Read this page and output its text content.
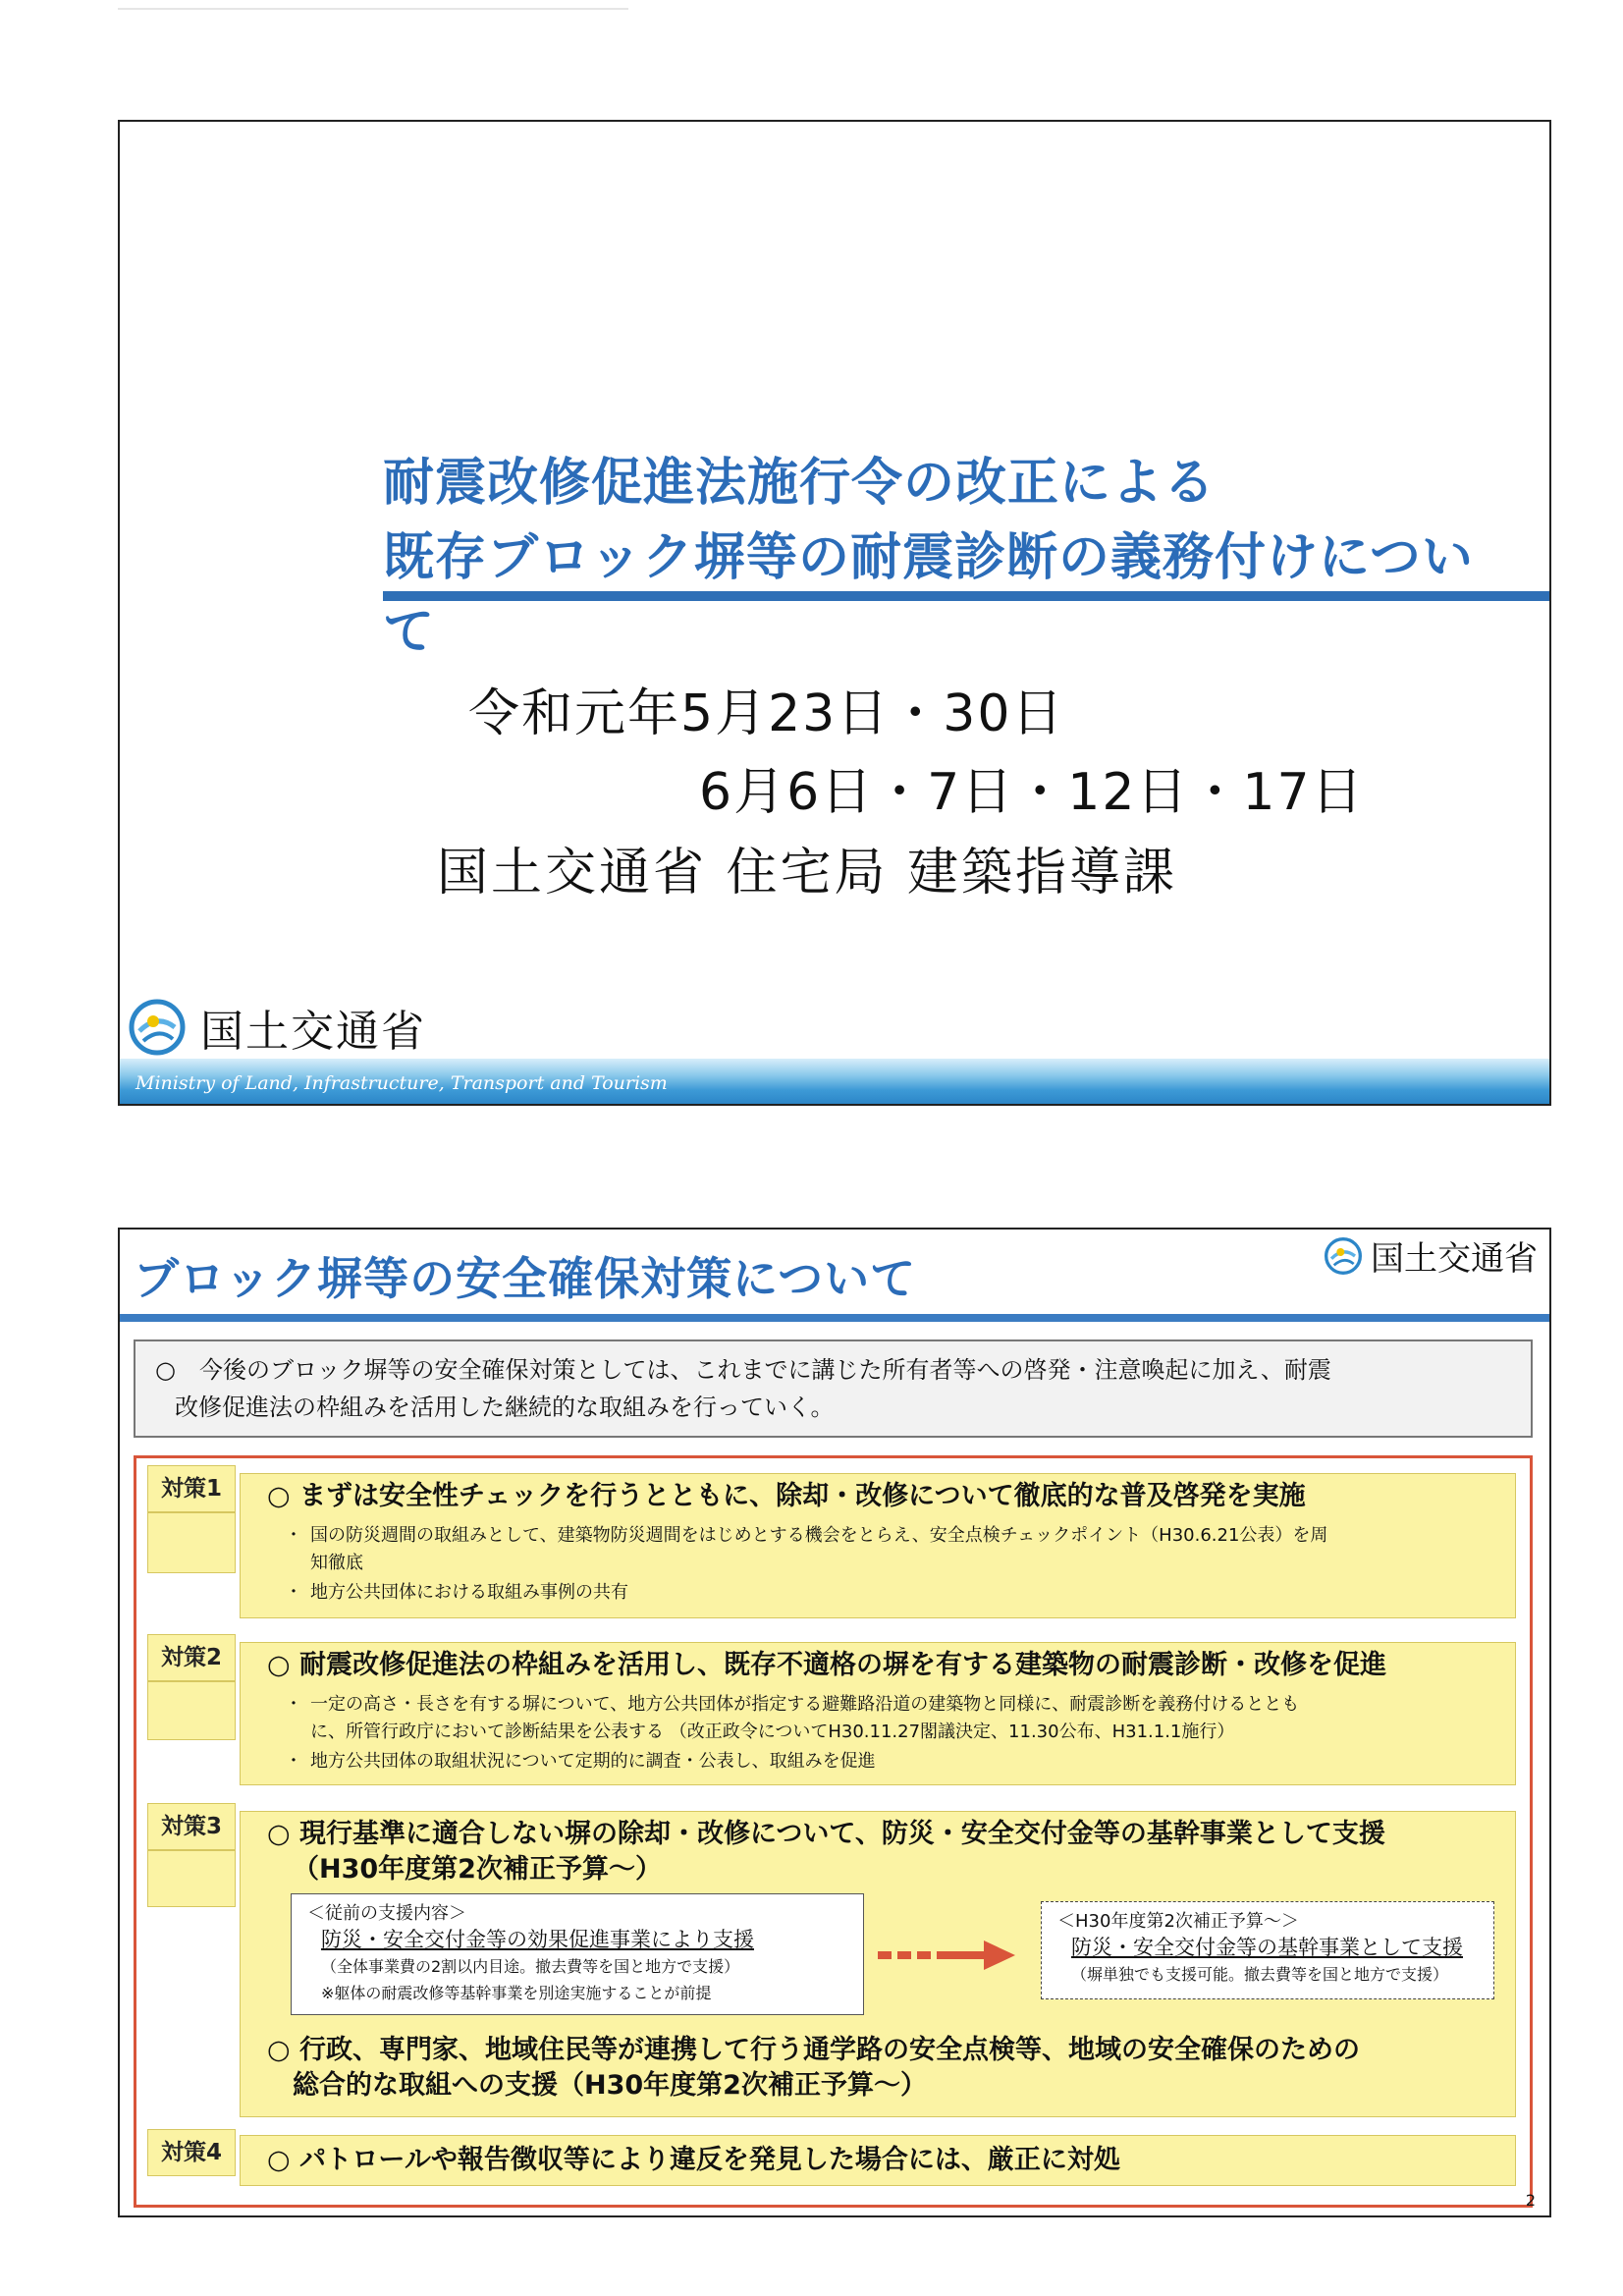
耐震改修促進法施行令の改正による
既存ブロック塀等の耐震診断の義務付けについて
令和元年5月23日・30日
6月6日・7日・12日・17日
国土交通省 住宅局 建築指導課
国土交通省
Ministry of Land, Infrastructure, Transport and Tourism
ブロック塀等の安全確保対策について	国土交通省
○　今後のブロック塀等の安全確保対策としては、これまでに講じた所有者等への啓発・注意喚起に加え、耐震
改修促進法の枠組みを活用した継続的な取組みを行っていく。
対策1	○ まずは安全性チェックを行うとともに、除却・改修について徹底的な普及啓発を実施
・ 国の防災週間の取組みとして、建築物防災週間をはじめとする機会をとらえ、安全点検チェックポイント（H30.6.21公表）を周
知徹底
・ 地方公共団体における取組み事例の共有
対策2	○ 耐震改修促進法の枠組みを活用し、既存不適格の塀を有する建築物の耐震診断・改修を促進
・ 一定の高さ・長さを有する塀について、地方公共団体が指定する避難路沿道の建築物と同様に、耐震診断を義務付けるととも
に、所管行政庁において診断結果を公表する （改正政令についてH30.11.27閣議決定、11.30公布、H31.1.1施行）
・ 地方公共団体の取組状況について定期的に調査・公表し、取組みを促進
対策3	○ 現行基準に適合しない塀の除却・改修について、防災・安全交付金等の基幹事業として支援
（H30年度第2次補正予算～）
＜従前の支援内容＞
防災・安全交付金等の効果促進事業により支援
（全体事業費の2割以内目途。撤去費等を国と地方で支援）
※躯体の耐震改修等基幹事業を別途実施することが前提
＜H30年度第2次補正予算～＞
防災・安全交付金等の基幹事業として支援
（塀単独でも支援可能。撤去費等を国と地方で支援）
○ 行政、専門家、地域住民等が連携して行う通学路の安全点検等、地域の安全確保のための
総合的な取組への支援（H30年度第2次補正予算～）
対策4	○ パトロールや報告徴収等により違反を発見した場合には、厳正に対処
2
